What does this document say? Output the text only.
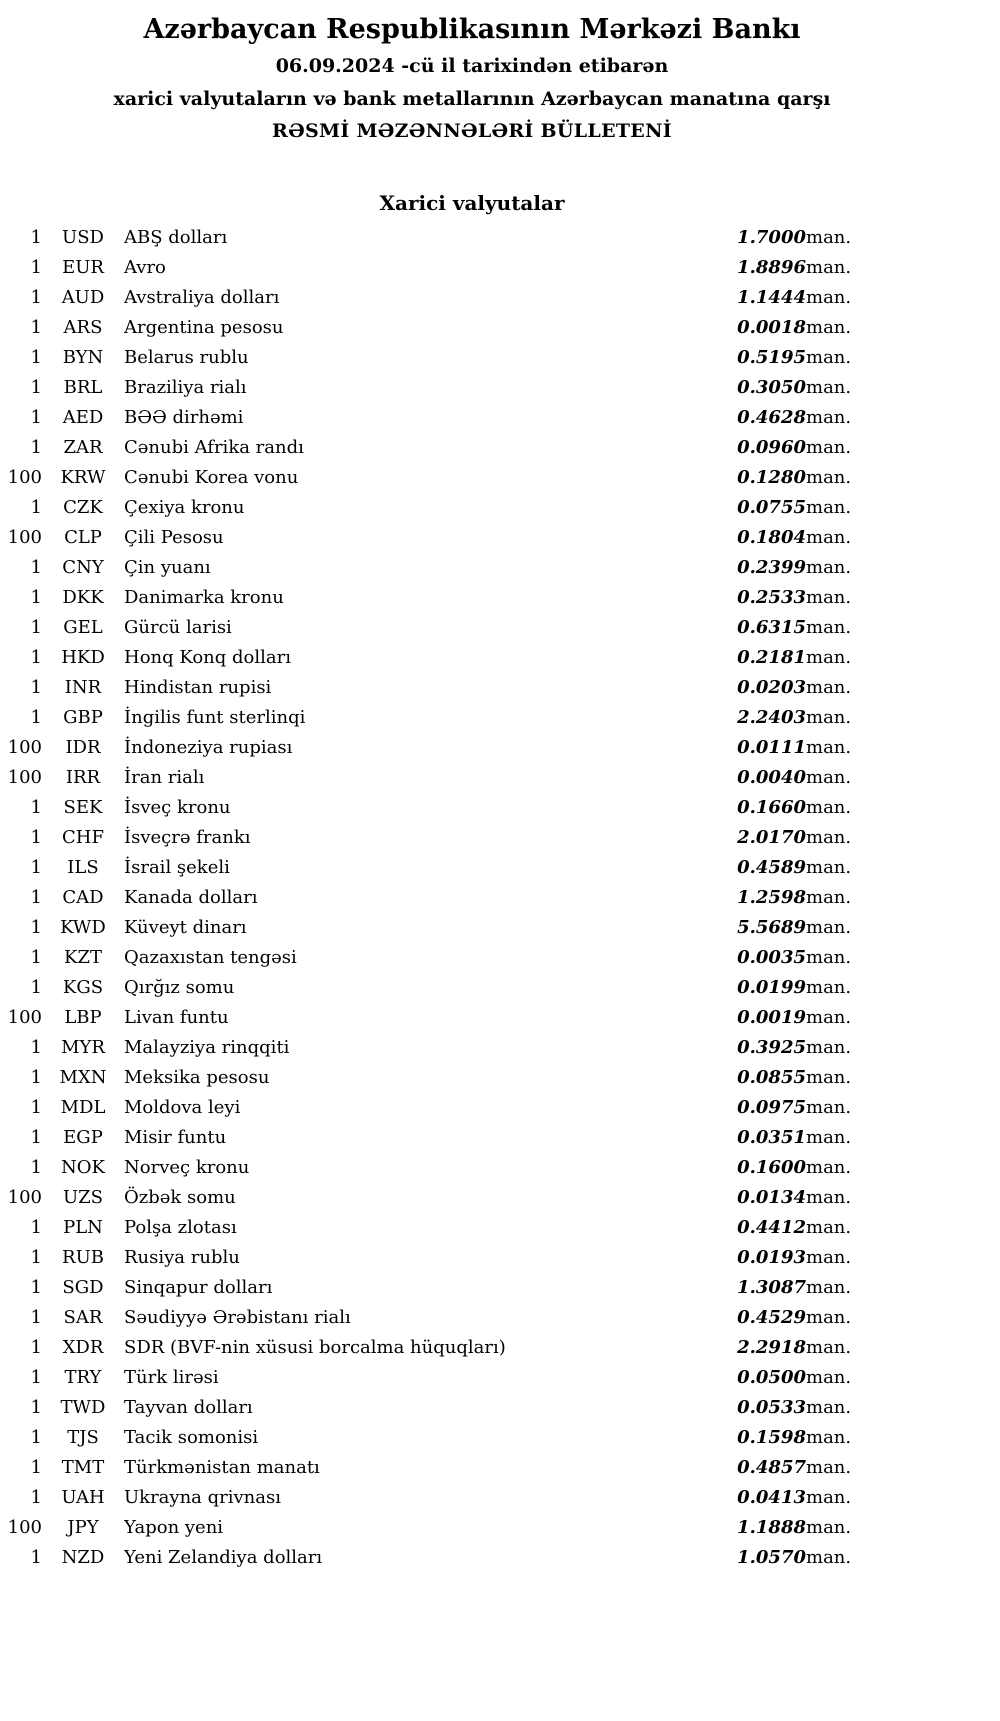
Azərbaycan Respublikasının Mərkəzi Bankı
06.09.2024 -cü il tarixindən etibarən
xarici valyutaların və bank metallarının Azərbaycan manatına qarşı
RƏSMİ MƏZƏNNƏLƏRİ BÜLLETENİ
Xarici valyutalar
1	USD	ABŞ dolları	1.7000	man.
1	EUR	Avro	1.8896	man.
1	AUD	Avstraliya dolları	1.1444	man.
1	ARS	Argentina pesosu	0.0018	man.
1	BYN	Belarus rublu	0.5195	man.
1	BRL	Braziliya rialı	0.3050	man.
1	AED	BƏƏ dirhəmi	0.4628	man.
1	ZAR	Cənubi Afrika randı	0.0960	man.
100	KRW	Cənubi Korea vonu	0.1280	man.
1	CZK	Çexiya kronu	0.0755	man.
100	CLP	Çili Pesosu	0.1804	man.
1	CNY	Çin yuanı	0.2399	man.
1	DKK	Danimarka kronu	0.2533	man.
1	GEL	Gürcü larisi	0.6315	man.
1	HKD	Honq Konq dolları	0.2181	man.
1	INR	Hindistan rupisi	0.0203	man.
1	GBP	İngilis funt sterlinqi	2.2403	man.
100	IDR	İndoneziya rupiası	0.0111	man.
100	IRR	İran rialı	0.0040	man.
1	SEK	İsveç kronu	0.1660	man.
1	CHF	İsveçrə frankı	2.0170	man.
1	ILS	İsrail şekeli	0.4589	man.
1	CAD	Kanada dolları	1.2598	man.
1	KWD	Küveyt dinarı	5.5689	man.
1	KZT	Qazaxıstan tengəsi	0.0035	man.
1	KGS	Qırğız somu	0.0199	man.
100	LBP	Livan funtu	0.0019	man.
1	MYR	Malayziya rinqqiti	0.3925	man.
1	MXN	Meksika pesosu	0.0855	man.
1	MDL	Moldova leyi	0.0975	man.
1	EGP	Misir funtu	0.0351	man.
1	NOK	Norveç kronu	0.1600	man.
100	UZS	Özbək somu	0.0134	man.
1	PLN	Polşa zlotası	0.4412	man.
1	RUB	Rusiya rublu	0.0193	man.
1	SGD	Sinqapur dolları	1.3087	man.
1	SAR	Səudiyyə Ərəbistanı rialı	0.4529	man.
1	XDR	SDR (BVF-nin xüsusi borcalma hüquqları)	2.2918	man.
1	TRY	Türk lirəsi	0.0500	man.
1	TWD	Tayvan dolları	0.0533	man.
1	TJS	Tacik somonisi	0.1598	man.
1	TMT	Türkmənistan manatı	0.4857	man.
1	UAH	Ukrayna qrivnası	0.0413	man.
100	JPY	Yapon yeni	1.1888	man.
1	NZD	Yeni Zelandiya dolları	1.0570	man.
